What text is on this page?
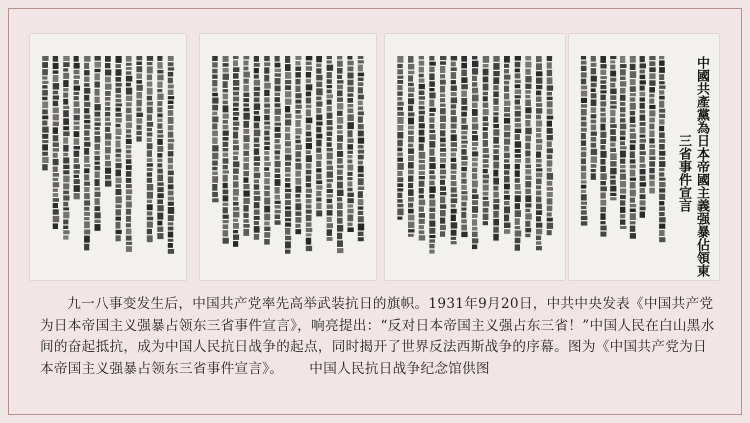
中國共產黨為日本帝國主義强暴佔領東
三省事件宣言

九一八事变发生后，中国共产党率先高举武装抗日的旗帜。1931年9月20日，中共中央发表《中国共产党为日本帝国主义强暴占领东三省事件宣言》，响亮提出：“反对日本帝国主义强占东三省！”中国人民在白山黑水间的奋起抵抗，成为中国人民抗日战争的起点，同时揭开了世界反法西斯战争的序幕。图为《中国共产党为日本帝国主义强暴占领东三省事件宣言》。 中国人民抗日战争纪念馆供图
